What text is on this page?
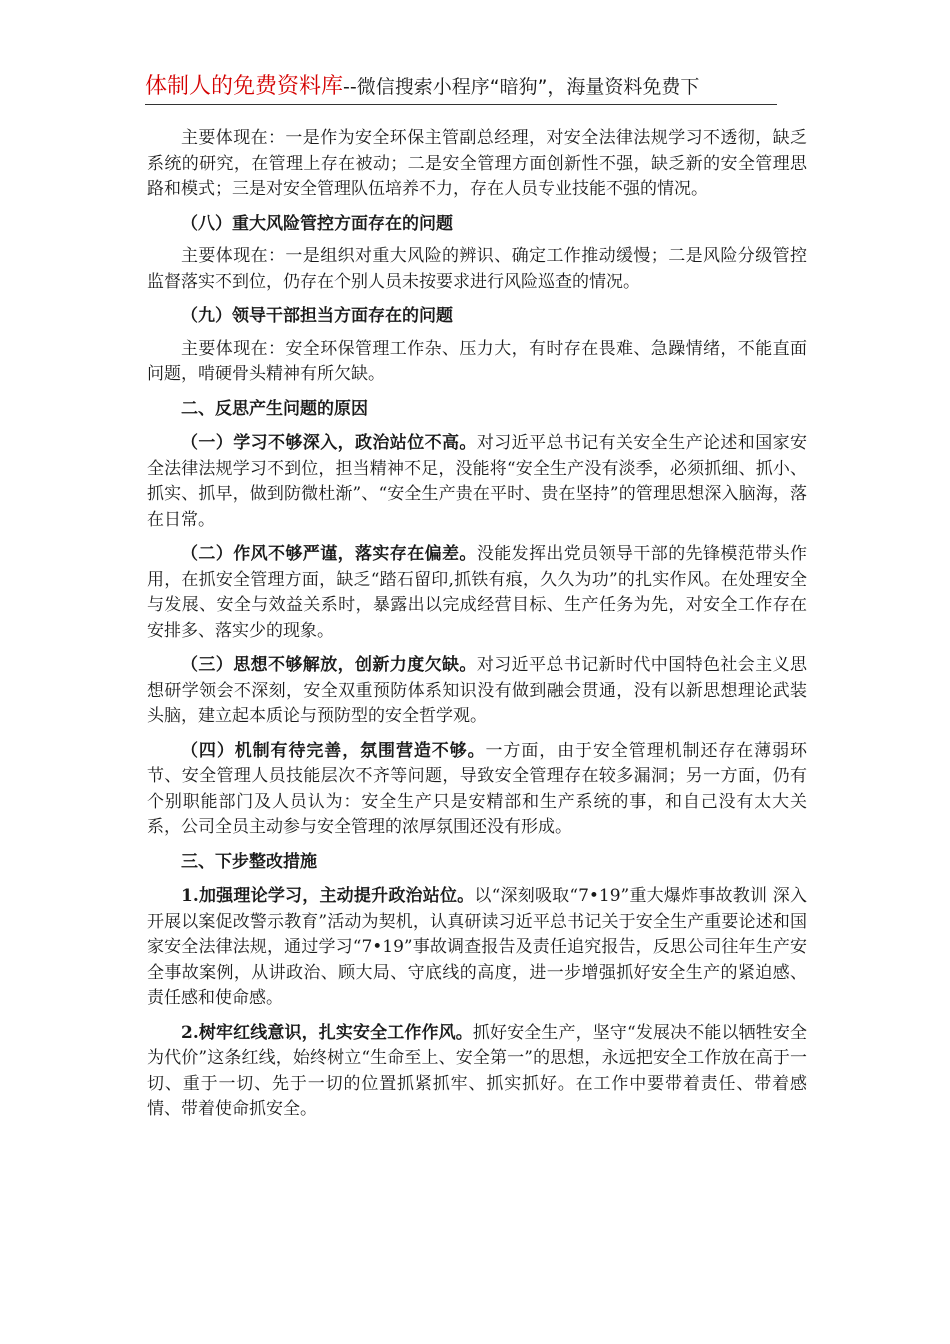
体制人的免费资料库--微信搜索小程序“暗狗”，海量资料免费下

主要体现在：一是作为安全环保主管副总经理，对安全法律法规学习不透彻，缺乏系统的研究，在管理上存在被动；二是安全管理方面创新性不强，缺乏新的安全管理思路和模式；三是对安全管理队伍培养不力，存在人员专业技能不强的情况。

（八）重大风险管控方面存在的问题

主要体现在：一是组织对重大风险的辨识、确定工作推动缓慢；二是风险分级管控监督落实不到位，仍存在个别人员未按要求进行风险巡查的情况。

（九）领导干部担当方面存在的问题

主要体现在：安全环保管理工作杂、压力大，有时存在畏难、急躁情绪，不能直面问题，啃硬骨头精神有所欠缺。

二、反思产生问题的原因

（一）学习不够深入，政治站位不高。对习近平总书记有关安全生产论述和国家安全法律法规学习不到位，担当精神不足，没能将“安全生产没有淡季，必须抓细、抓小、抓实、抓早，做到防微杜渐”、“安全生产贵在平时、贵在坚持”的管理思想深入脑海，落在日常。

（二）作风不够严谨，落实存在偏差。没能发挥出党员领导干部的先锋模范带头作用，在抓安全管理方面，缺乏“踏石留印,抓铁有痕，久久为功”的扎实作风。在处理安全与发展、安全与效益关系时，暴露出以完成经营目标、生产任务为先，对安全工作存在安排多、落实少的现象。

（三）思想不够解放，创新力度欠缺。对习近平总书记新时代中国特色社会主义思想研学领会不深刻，安全双重预防体系知识没有做到融会贯通，没有以新思想理论武装头脑，建立起本质论与预防型的安全哲学观。

（四）机制有待完善，氛围营造不够。一方面，由于安全管理机制还存在薄弱环节、安全管理人员技能层次不齐等问题，导致安全管理存在较多漏洞；另一方面，仍有个别职能部门及人员认为：安全生产只是安精部和生产系统的事，和自己没有太大关系，公司全员主动参与安全管理的浓厚氛围还没有形成。

三、下步整改措施

1.加强理论学习，主动提升政治站位。以“深刻吸取“7•19”重大爆炸事故教训 深入开展以案促改警示教育”活动为契机，认真研读习近平总书记关于安全生产重要论述和国家安全法律法规，通过学习“7•19”事故调查报告及责任追究报告，反思公司往年生产安全事故案例，从讲政治、顾大局、守底线的高度，进一步增强抓好安全生产的紧迫感、责任感和使命感。

2.树牢红线意识，扎实安全工作作风。抓好安全生产，坚守“发展决不能以牺牲安全为代价”这条红线，始终树立“生命至上、安全第一”的思想，永远把安全工作放在高于一切、重于一切、先于一切的位置抓紧抓牢、抓实抓好。在工作中要带着责任、带着感情、带着使命抓安全。
